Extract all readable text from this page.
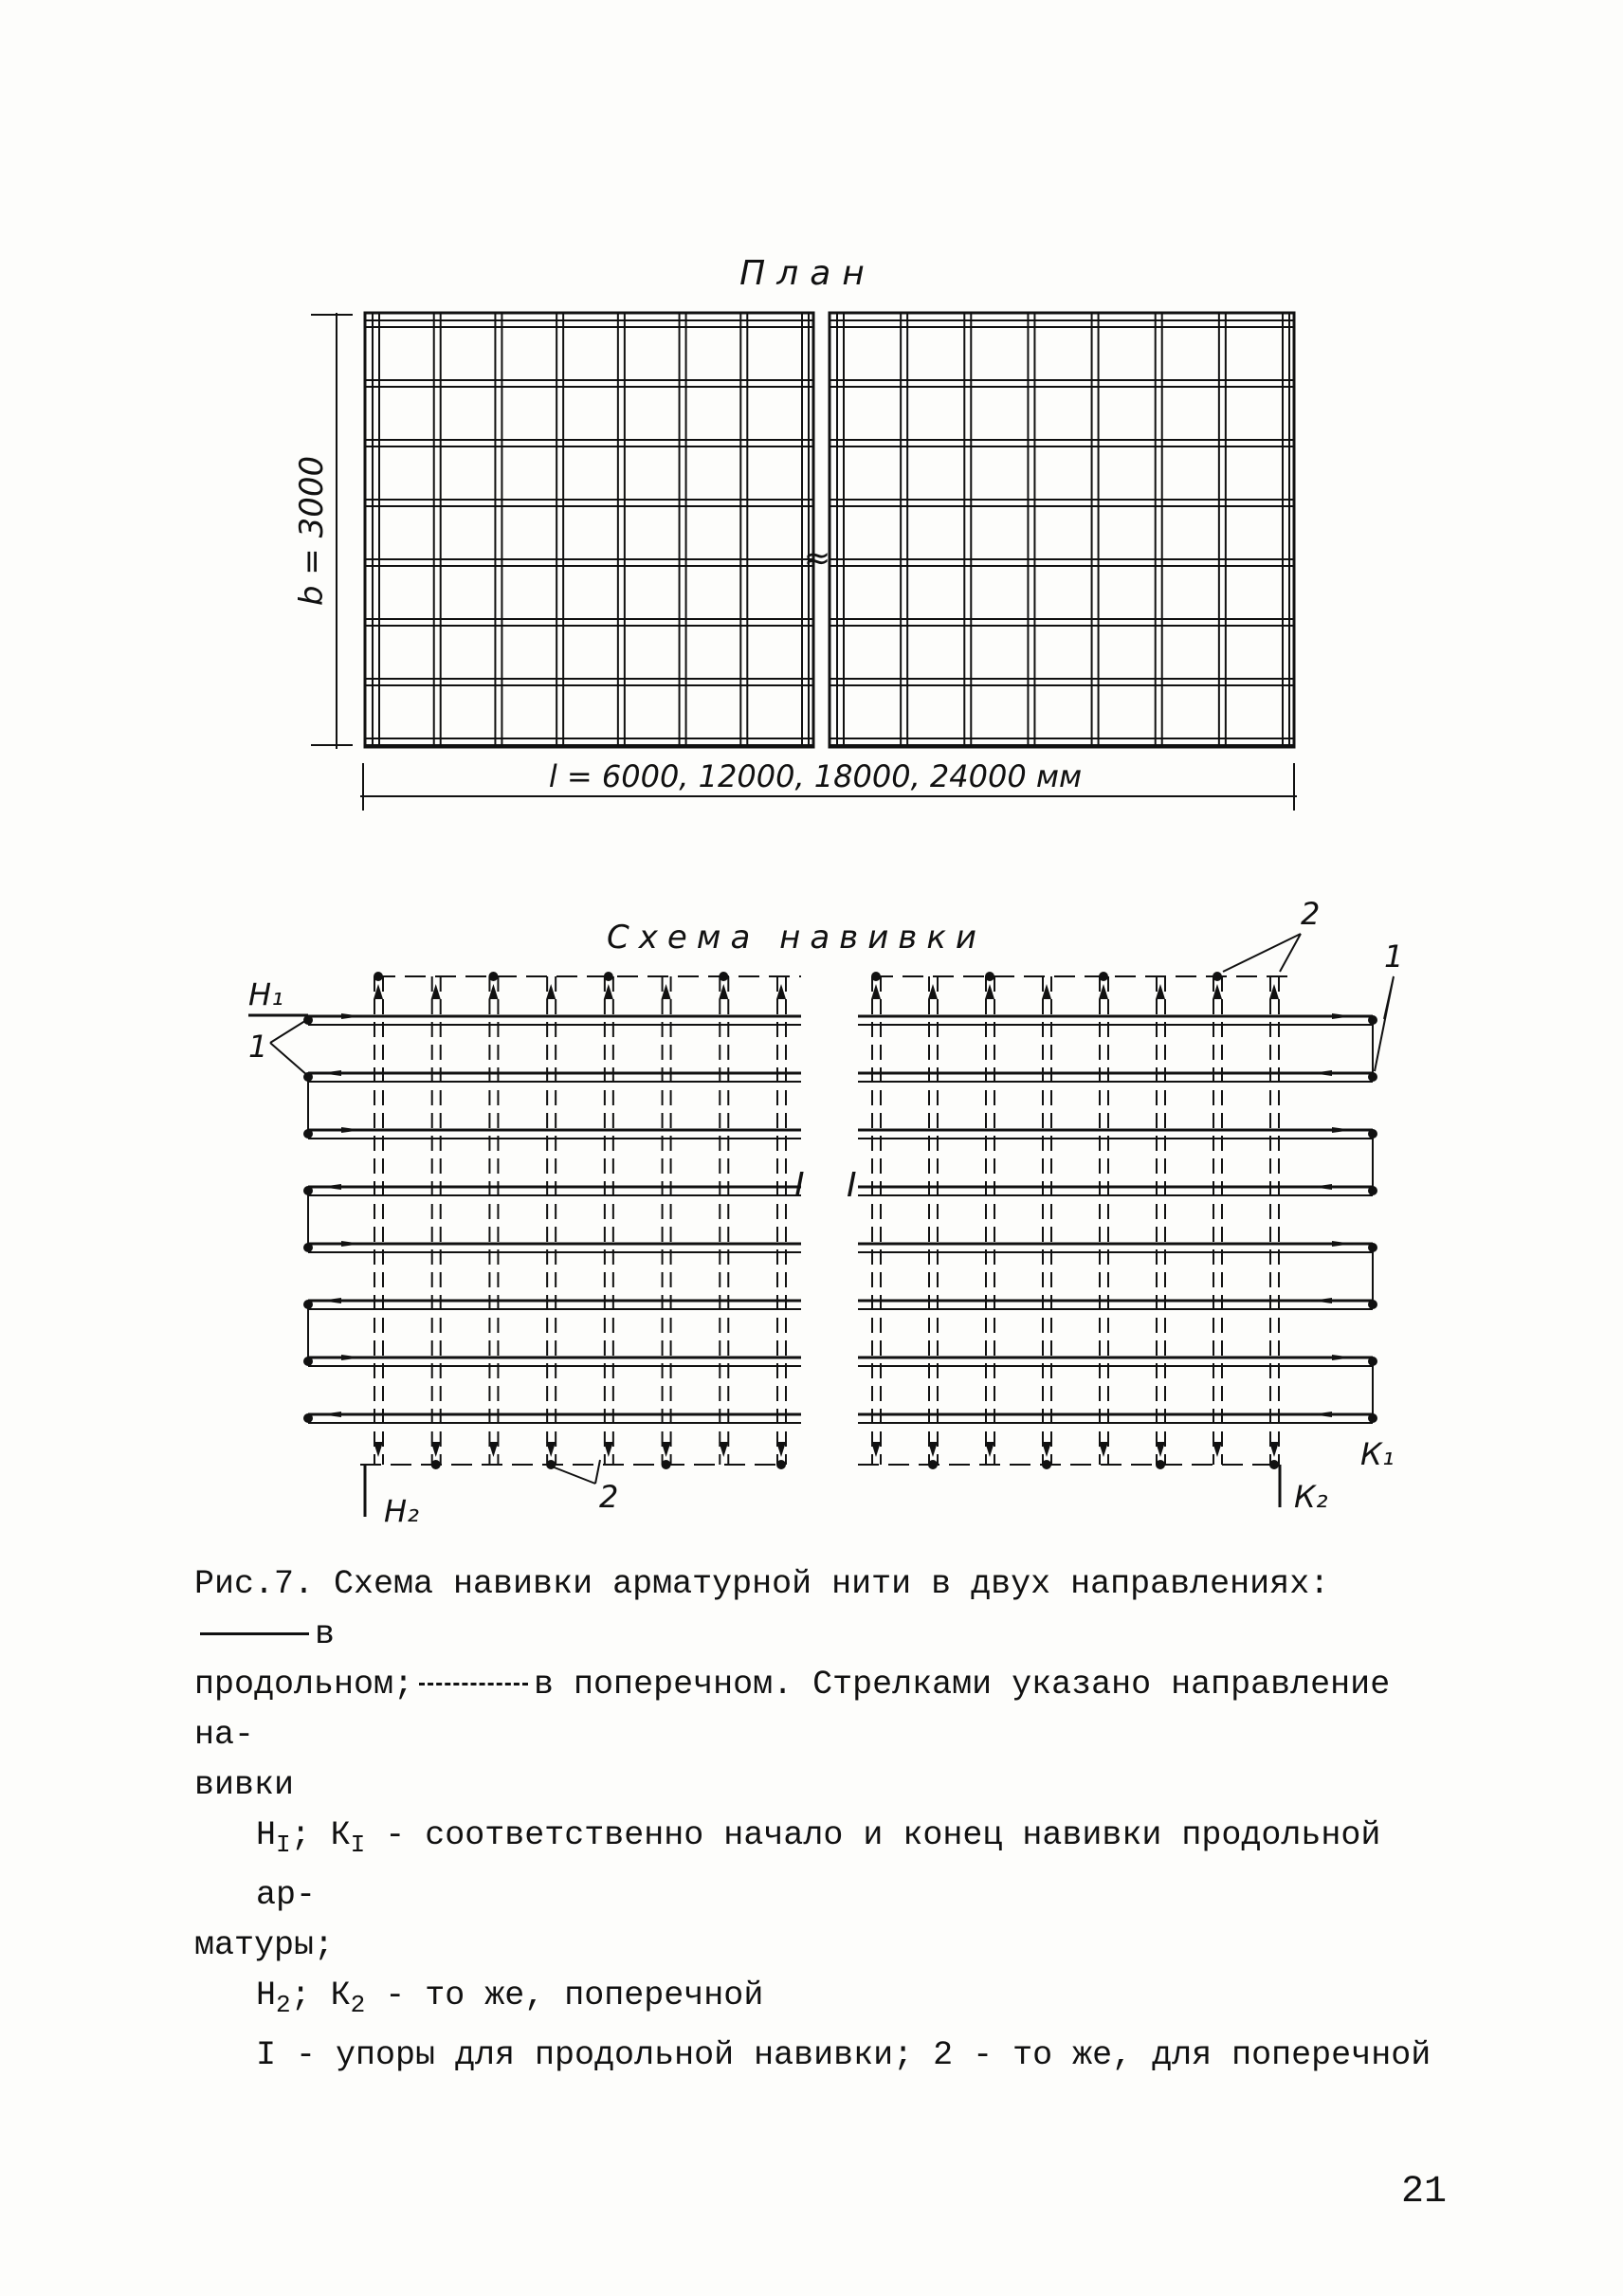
План
≈
b = 3000
l = 6000, 12000, 18000, 24000 мм
Схема навивки
I I
Н₁
Н₂
К₁
К₂
1
1
2
2

Рис.7. Схема навивки арматурной нити в двух направлениях:в

продольном;	в поперечном. Стрелками указано направление на-

вивки

$Н_I$; $К_I$ - соответственно начало и конец навивки продольной ар-

матуры;

$Н_2$; $К_2$ - то же, поперечной

I - упоры для продольной навивки; 2 - то же, для поперечной

21
